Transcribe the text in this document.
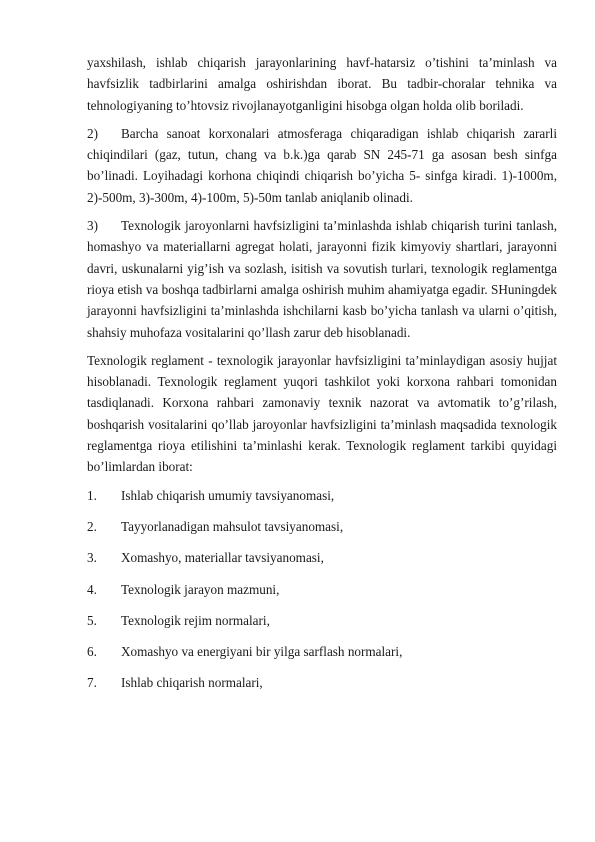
yaxshilash, ishlab chiqarish jarayonlarining havf-hatarsiz o’tishini ta’minlash va havfsizlik tadbirlarini amalga oshirishdan iborat. Bu tadbir-choralar tehnika va tehnologiyaning to’htovsiz rivojlanayotganligini hisobga olgan holda olib boriladi.

2) Barcha sanoat korxonalari atmosferaga chiqaradigan ishlab chiqarish zararli chiqindilari (gaz, tutun, chang va b.k.)ga qarab SN 245-71 ga asosan besh sinfga bo’linadi. Loyihadagi korhona chiqindi chiqarish bo’yicha 5- sinfga kiradi. 1)-1000m, 2)-500m, 3)-300m, 4)-100m, 5)-50m tanlab aniqlanib olinadi.

3) Texnologik jaroyonlarni havfsizligini ta’minlashda ishlab chiqarish turini tanlash, homashyo va materiallarni agregat holati, jarayonni fizik kimyoviy shartlari, jarayonni davri, uskunalarni yig’ish va sozlash, isitish va sovutish turlari, texnologik reglamentga rioya etish va boshqa tadbirlarni amalga oshirish muhim ahamiyatga egadir. SHuningdek jarayonni havfsizligini ta’minlashda ishchilarni kasb bo’yicha tanlash va ularni o’qitish, shahsiy muhofaza vositalarini qo’llash zarur deb hisoblanadi.

Texnologik reglament - texnologik jarayonlar havfsizligini ta’minlaydigan asosiy hujjat hisoblanadi. Texnologik reglament yuqori tashkilot yoki korxona rahbari tomonidan tasdiqlanadi. Korxona rahbari zamonaviy texnik nazorat va avtomatik to’g’rilash, boshqarish vositalarini qo’llab jaroyonlar havfsizligini ta’minlash maqsadida texnologik reglamentga rioya etilishini ta’minlashi kerak. Texnologik reglament tarkibi quyidagi bo’limlardan iborat:

1.	Ishlab chiqarish umumiy tavsiyanomasi,
2.	Tayyorlanadigan mahsulot tavsiyanomasi,
3.	Xomashyo, materiallar tavsiyanomasi,
4.	Texnologik jarayon mazmuni,
5.	Texnologik rejim normalari,
6.	Xomashyo va energiyani bir yilga sarflash normalari,
7.	Ishlab chiqarish normalari,
